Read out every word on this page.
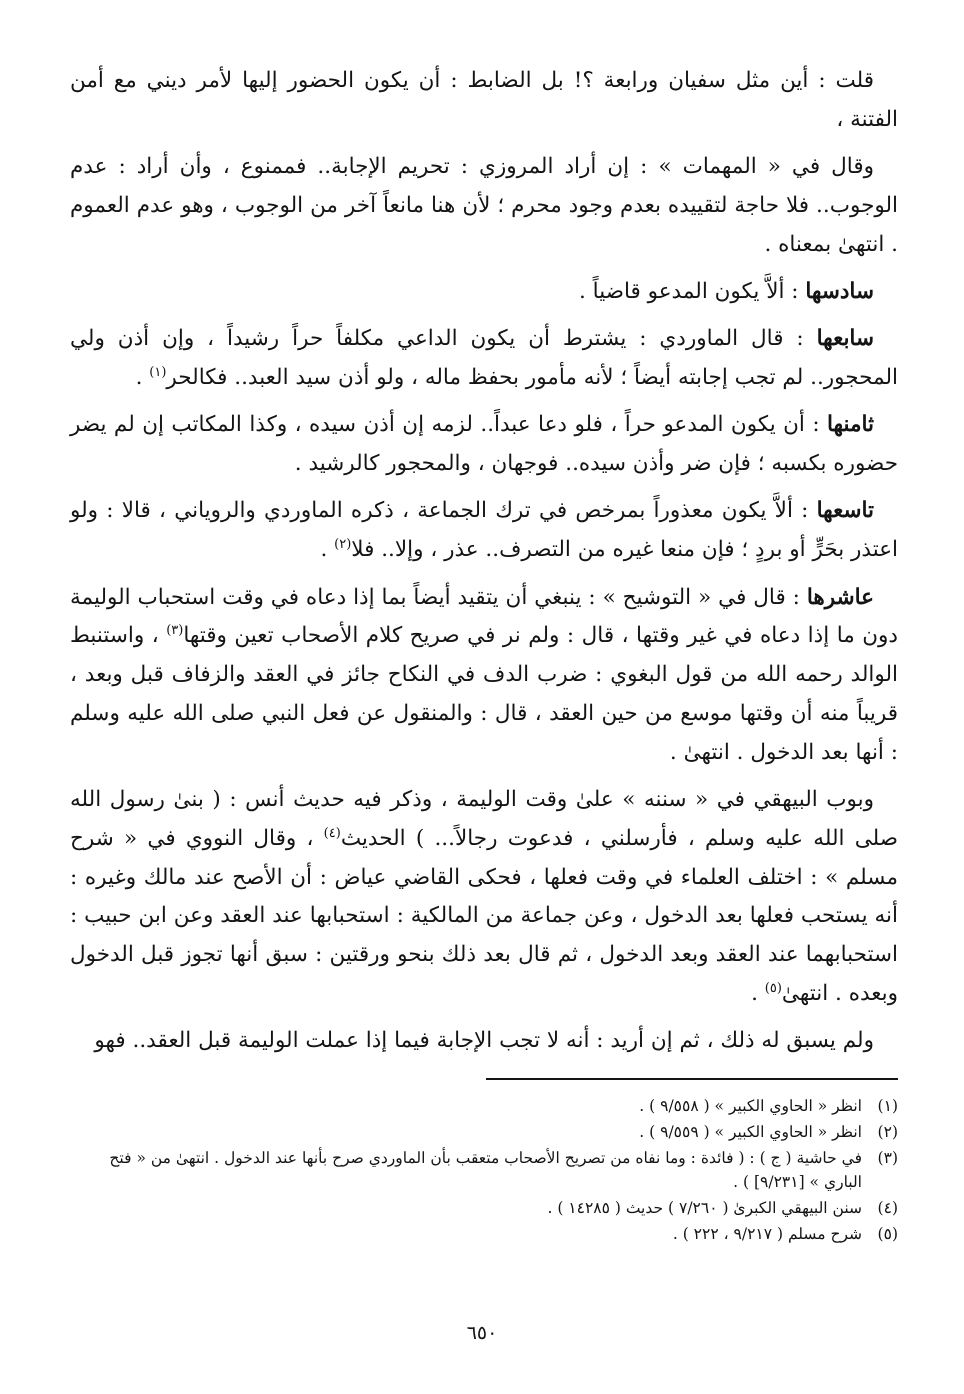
قلت : أين مثل سفيان ورابعة ؟! بل الضابط : أن يكون الحضور إليها لأمر ديني مع أمن الفتنة ،

وقال في « المهمات » : إن أراد المروزي : تحريم الإجابة.. فممنوع ، وأن أراد : عدم الوجوب.. فلا حاجة لتقييده بعدم وجود محرم ؛ لأن هنا مانعاً آخر من الوجوب ، وهو عدم العموم . انتهىٰ بمعناه .

سادسها : ألاَّ يكون المدعو قاضياً .

سابعها : قال الماوردي : يشترط أن يكون الداعي مكلفاً حراً رشيداً ، وإن أذن ولي المحجور.. لم تجب إجابته أيضاً ؛ لأنه مأمور بحفظ ماله ، ولو أذن سيد العبد.. فكالحر$^{(١)}$ .

ثامنها : أن يكون المدعو حراً ، فلو دعا عبداً.. لزمه إن أذن سيده ، وكذا المكاتب إن لم يضر حضوره بكسبه ؛ فإن ضر وأذن سيده.. فوجهان ، والمحجور كالرشيد .

تاسعها : ألاَّ يكون معذوراً بمرخص في ترك الجماعة ، ذكره الماوردي والروياني ، قالا : ولو اعتذر بحَرٍّ أو بردٍ ؛ فإن منعا غيره من التصرف.. عذر ، وإلا.. فلا$^{(٢)}$ .

عاشرها : قال في « التوشيح » : ينبغي أن يتقيد أيضاً بما إذا دعاه في وقت استحباب الوليمة دون ما إذا دعاه في غير وقتها ، قال : ولم نر في صريح كلام الأصحاب تعين وقتها$^{(٣)}$ ، واستنبط الوالد رحمه الله من قول البغوي : ضرب الدف في النكاح جائز في العقد والزفاف قبل وبعد ، قريباً منه أن وقتها موسع من حين العقد ، قال : والمنقول عن فعل النبي صلى الله عليه وسلم : أنها بعد الدخول . انتهىٰ .

وبوب البيهقي في « سننه » علىٰ وقت الوليمة ، وذكر فيه حديث أنس : ( بنىٰ رسول الله صلى الله عليه وسلم ، فأرسلني ، فدعوت رجالاً... ) الحديث$^{(٤)}$ ، وقال النووي في « شرح مسلم » : اختلف العلماء في وقت فعلها ، فحكى القاضي عياض : أن الأصح عند مالك وغيره : أنه يستحب فعلها بعد الدخول ، وعن جماعة من المالكية : استحبابها عند العقد وعن ابن حبيب : استحبابهما عند العقد وبعد الدخول ، ثم قال بعد ذلك بنحو ورقتين : سبق أنها تجوز قبل الدخول وبعده . انتهىٰ$^{(٥)}$ .

ولم يسبق له ذلك ، ثم إن أريد : أنه لا تجب الإجابة فيما إذا عملت الوليمة قبل العقد.. فهو

(١)
انظر « الحاوي الكبير » ( ٩/٥٥٨ ) .
(٢)
انظر « الحاوي الكبير » ( ٩/٥٥٩ ) .
(٣)
في حاشية ( ج ) : ( فائدة : وما نفاه من تصريح الأصحاب متعقب بأن الماوردي صرح بأنها عند الدخول . انتهىٰ من « فتح الباري » [٩/٢٣١] ) .
(٤)
سنن البيهقي الكبرىٰ ( ٧/٢٦٠ ) حديث ( ١٤٢٨٥ ) .
(٥)
شرح مسلم ( ٩/٢١٧ ، ٢٢٢ ) .
٦٥٠
